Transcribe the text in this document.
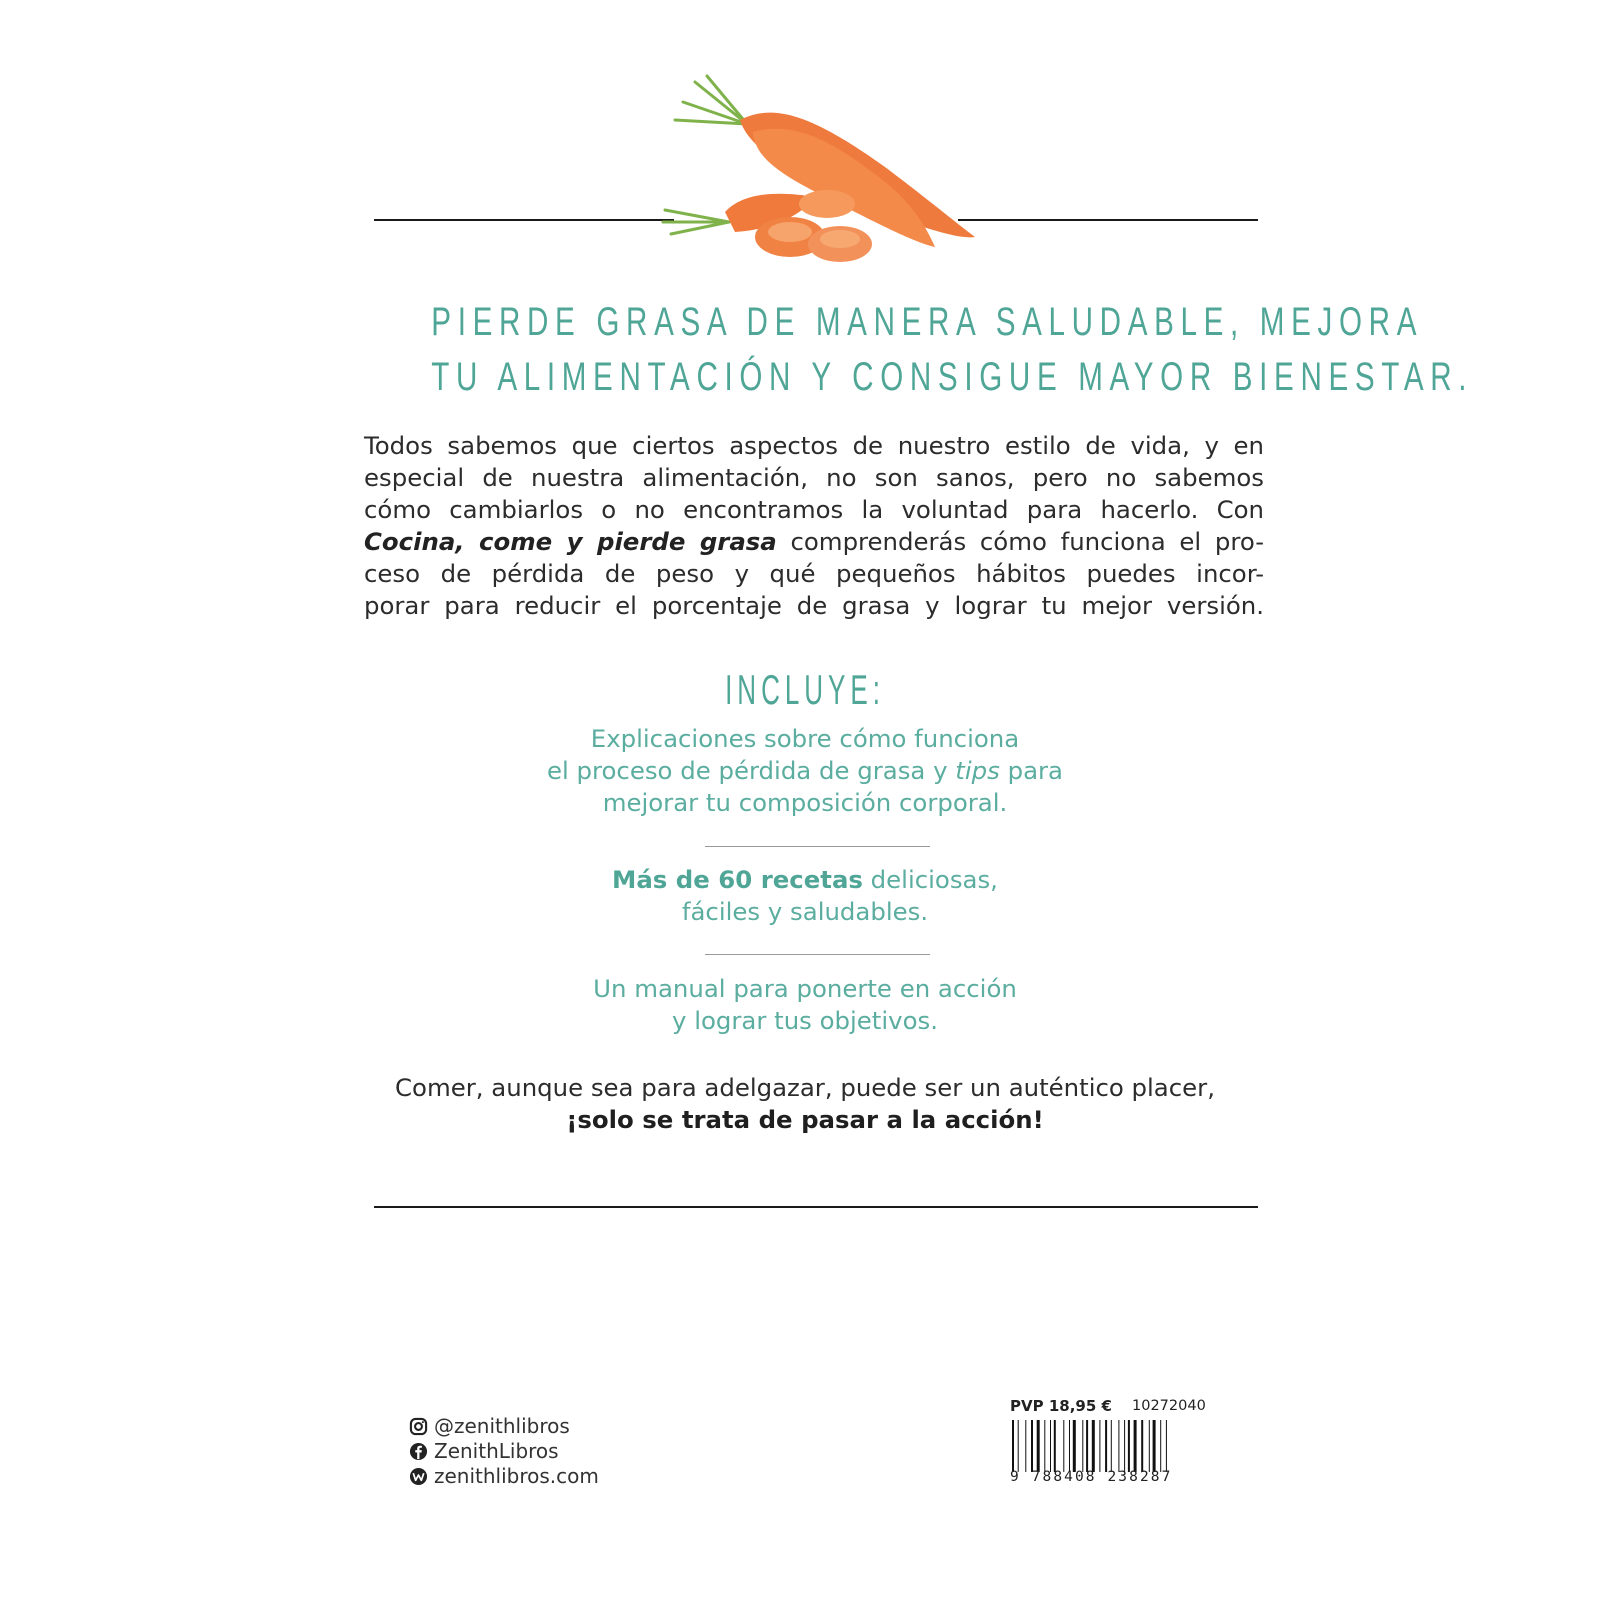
PIERDE GRASA DE MANERA SALUDABLE, MEJORA
TU ALIMENTACIÓN Y CONSIGUE MAYOR BIENESTAR.
Todos sabemos que ciertos aspectos de nuestro estilo de vida, y en
especial de nuestra alimentación, no son sanos, pero no sabemos
cómo cambiarlos o no encontramos la voluntad para hacerlo. Con
Cocina, come y pierde grasa comprenderás cómo funciona el pro-
ceso de pérdida de peso y qué pequeños hábitos puedes incor-
porar para reducir el porcentaje de grasa y lograr tu mejor versión.
INCLUYE:
Explicaciones sobre cómo funciona
el proceso de pérdida de grasa y tips para
mejorar tu composición corporal.
Más de 60 recetas deliciosas,
fáciles y saludables.
Un manual para ponerte en acción
y lograr tus objetivos.
Comer, aunque sea para adelgazar, puede ser un auténtico placer,
¡solo se trata de pasar a la acción!
@zenithlibros
ZenithLibros
zenithlibros.com
PVP 18,95 € 10272040
9 788408 238287
